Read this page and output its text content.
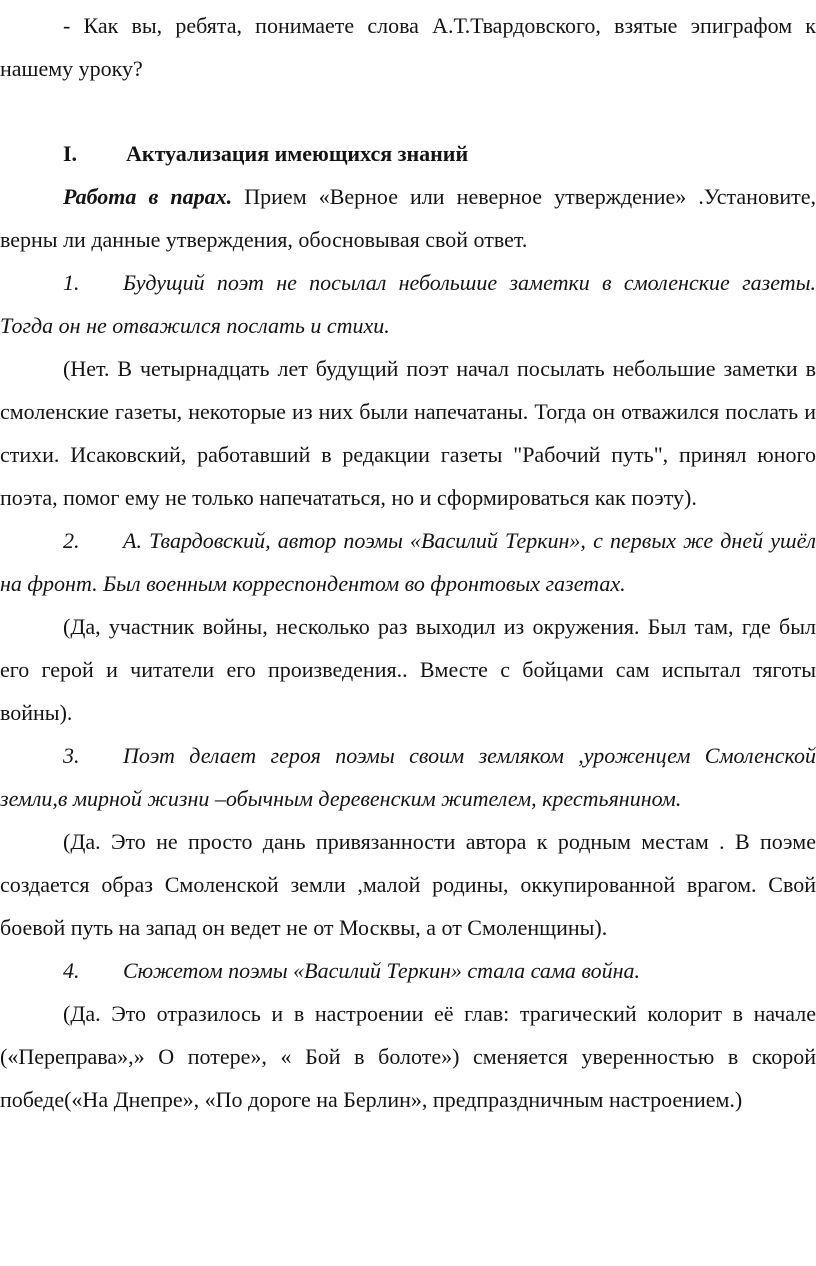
- Как вы, ребята, понимаете слова А.Т.Твардовского, взятые эпиграфом к нашему уроку?

I. Актуализация имеющихся знаний

Работа в парах. Прием «Верное или неверное утверждение» .Установите, верны ли данные утверждения, обосновывая свой ответ.

1. Будущий поэт не посылал небольшие заметки в смоленские газеты. Тогда он не отважился послать и стихи.

(Нет. В четырнадцать лет будущий поэт начал посылать небольшие заметки в смоленские газеты, некоторые из них были напечатаны. Тогда он отважился послать и стихи. Исаковский, работавший в редакции газеты "Рабочий путь", принял юного поэта, помог ему не только напечататься, но и сформироваться как поэту).

2. А. Твардовский, автор поэмы «Василий Теркин», с первых же дней ушёл на фронт. Был военным корреспондентом во фронтовых газетах.

(Да, участник войны, несколько раз выходил из окружения. Был там, где был его герой и читатели его произведения.. Вместе с бойцами сам испытал тяготы войны).

3. Поэт делает героя поэмы своим земляком ,уроженцем Смоленской земли,в мирной жизни –обычным деревенским жителем, крестьянином.

(Да. Это не просто дань привязанности автора к родным местам . В поэме создается образ Смоленской земли ,малой родины, оккупированной врагом. Свой боевой путь на запад он ведет не от Москвы, а от Смоленщины).

4. Сюжетом поэмы «Василий Теркин» стала сама война.

(Да. Это отразилось и в настроении её глав: трагический колорит в начале («Переправа»,» О потере», « Бой в болоте») сменяется уверенностью в скорой победе(«На Днепре», «По дороге на Берлин», предпраздничным настроением.)
